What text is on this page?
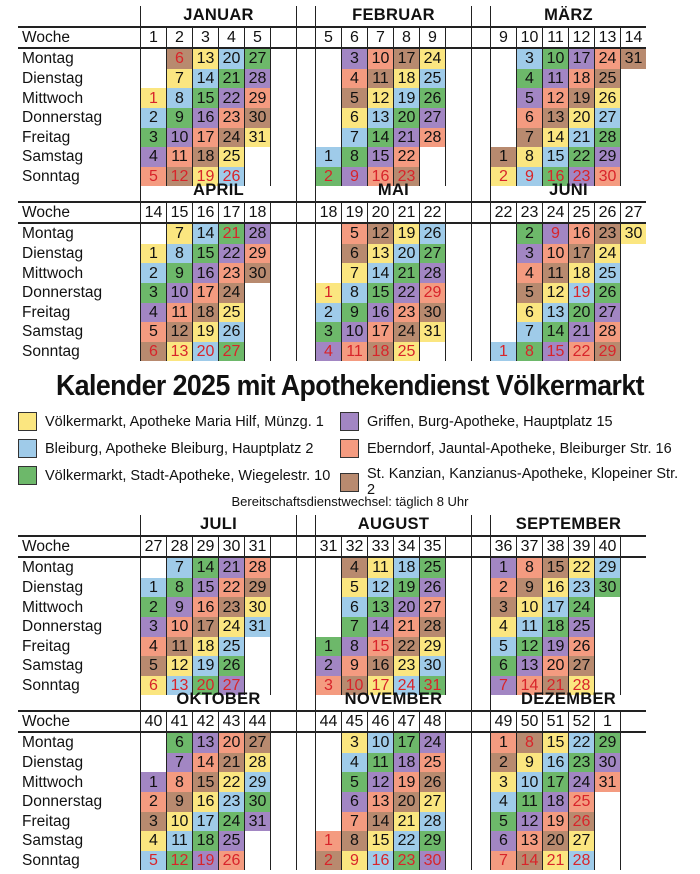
	JANUAR							FEBRUAR							MÄRZ					
Woche	1	2	3	4	5			5	6	7	8	9			9	10	11	12	13	14
Montag		6	13	20	27				3	10	17	24				3	10	17	24	31
Dienstag		7	14	21	28				4	11	18	25				4	11	18	25	
Mittwoch	1	8	15	22	29				5	12	19	26				5	12	19	26	
Donnerstag	2	9	16	23	30				6	13	20	27				6	13	20	27	
Freitag	3	10	17	24	31				7	14	21	28				7	14	21	28	
Samstag	4	11	18	25				1	8	15	22				1	8	15	22	29	
Sonntag	5	12	19	26				2	9	16	23				2	9	16	23	30	
	APRIL							MAI							JUNI					
Woche	14	15	16	17	18			18	19	20	21	22			22	23	24	25	26	27
Montag		7	14	21	28				5	12	19	26				2	9	16	23	30
Dienstag	1	8	15	22	29				6	13	20	27				3	10	17	24	
Mittwoch	2	9	16	23	30				7	14	21	28				4	11	18	25	
Donnerstag	3	10	17	24				1	8	15	22	29				5	12	19	26	
Freitag	4	11	18	25				2	9	16	23	30				6	13	20	27	
Samstag	5	12	19	26				3	10	17	24	31				7	14	21	28	
Sonntag	6	13	20	27				4	11	18	25				1	8	15	22	29	
Kalender 2025 mit Apothekendienst Völkermarkt
Völkermarkt, Apotheke Maria Hilf, Münzg. 1
Bleiburg, Apotheke Bleiburg, Hauptplatz 2
Völkermarkt, Stadt-Apotheke, Wiegelestr. 10
Griffen, Burg-Apotheke, Hauptplatz 15
Eberndorf, Jauntal-Apotheke, Bleiburger Str. 16
St. Kanzian, Kanzianus-Apotheke, Klopeiner Str. 2
Bereitschaftsdienstwechsel: täglich 8 Uhr
	JULI							AUGUST							SEPTEMBER					
Woche	27	28	29	30	31			31	32	33	34	35			36	37	38	39	40	
Montag		7	14	21	28				4	11	18	25			1	8	15	22	29	
Dienstag	1	8	15	22	29				5	12	19	26			2	9	16	23	30	
Mittwoch	2	9	16	23	30				6	13	20	27			3	10	17	24		
Donnerstag	3	10	17	24	31				7	14	21	28			4	11	18	25		
Freitag	4	11	18	25				1	8	15	22	29			5	12	19	26		
Samstag	5	12	19	26				2	9	16	23	30			6	13	20	27		
Sonntag	6	13	20	27				3	10	17	24	31			7	14	21	28		
	OKTOBER							NOVEMBER							DEZEMBER					
Woche	40	41	42	43	44			44	45	46	47	48			49	50	51	52	1	
Montag		6	13	20	27				3	10	17	24			1	8	15	22	29	
Dienstag		7	14	21	28				4	11	18	25			2	9	16	23	30	
Mittwoch	1	8	15	22	29				5	12	19	26			3	10	17	24	31	
Donnerstag	2	9	16	23	30				6	13	20	27			4	11	18	25		
Freitag	3	10	17	24	31				7	14	21	28			5	12	19	26		
Samstag	4	11	18	25				1	8	15	22	29			6	13	20	27		
Sonntag	5	12	19	26				2	9	16	23	30			7	14	21	28		
